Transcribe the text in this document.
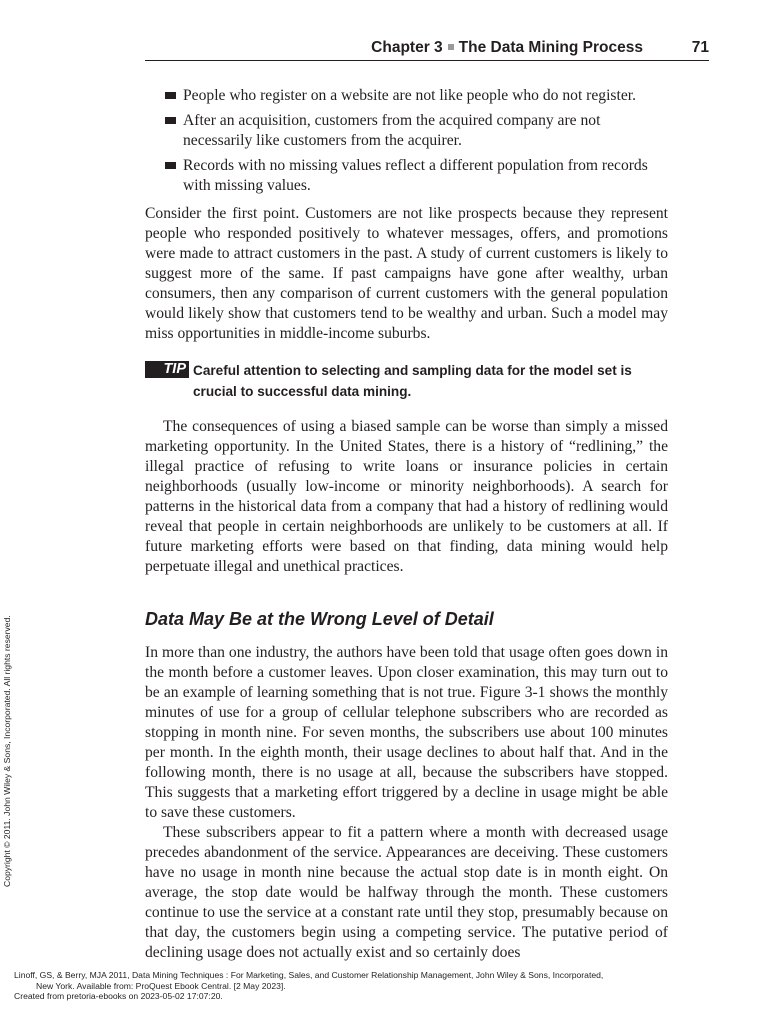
Chapter 3 The Data Mining Process	71
People who register on a website are not like people who do not register.
After an acquisition, customers from the acquired company are not necessarily like customers from the acquirer.
Records with no missing values reflect a different population from records with missing values.

Consider the first point. Customers are not like prospects because they represent people who responded positively to whatever messages, offers, and promotions were made to attract customers in the past. A study of current customers is likely to suggest more of the same. If past campaigns have gone after wealthy, urban consumers, then any comparison of current customers with the general population would likely show that customers tend to be wealthy and urban. Such a model may miss opportunities in middle-income suburbs.

TIP Careful attention to selecting and sampling data for the model set is crucial to successful data mining.

The consequences of using a biased sample can be worse than simply a missed marketing opportunity. In the United States, there is a history of “redlining,” the illegal practice of refusing to write loans or insurance policies in certain neighborhoods (usually low-income or minority neighborhoods). A search for patterns in the historical data from a company that had a history of redlining would reveal that people in certain neighborhoods are unlikely to be customers at all. If future marketing efforts were based on that finding, data mining would help perpetuate illegal and unethical practices.

Data May Be at the Wrong Level of Detail

In more than one industry, the authors have been told that usage often goes down in the month before a customer leaves. Upon closer examination, this may turn out to be an example of learning something that is not true. Figure 3-1 shows the monthly minutes of use for a group of cellular telephone subscribers who are recorded as stopping in month nine. For seven months, the subscribers use about 100 minutes per month. In the eighth month, their usage declines to about half that. And in the following month, there is no usage at all, because the subscribers have stopped. This suggests that a marketing effort triggered by a decline in usage might be able to save these customers.

These subscribers appear to fit a pattern where a month with decreased usage precedes abandonment of the service. Appearances are deceiving. These customers have no usage in month nine because the actual stop date is in month eight. On average, the stop date would be halfway through the month. These customers continue to use the service at a constant rate until they stop, presumably because on that day, the customers begin using a competing service. The putative period of declining usage does not actually exist and so certainly does

Copyright © 2011. John Wiley & Sons, Incorporated. All rights reserved.
Linoff, GS, & Berry, MJA 2011, Data Mining Techniques : For Marketing, Sales, and Customer Relationship Management, John Wiley & Sons, Incorporated,
New York. Available from: ProQuest Ebook Central. [2 May 2023].
Created from pretoria-ebooks on 2023-05-02 17:07:20.
